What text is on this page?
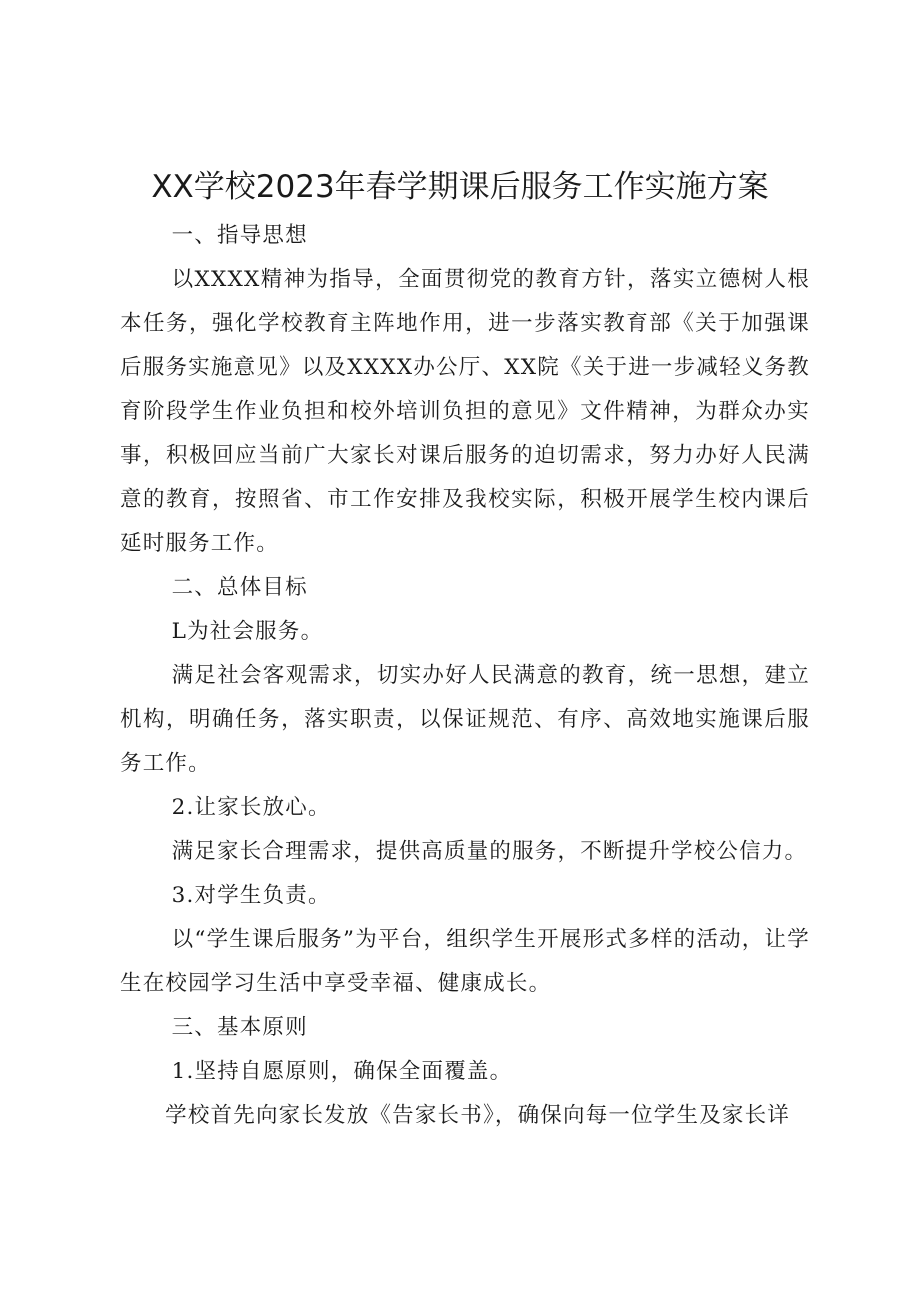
XX学校2023年春学期课后服务工作实施方案

一、指导思想

以XXXX精神为指导，全面贯彻党的教育方针，落实立德树人根本任务，强化学校教育主阵地作用，进一步落实教育部《关于加强课后服务实施意见》以及XXXX办公厅、XX院《关于进一步减轻义务教育阶段学生作业负担和校外培训负担的意见》文件精神，为群众办实事，积极回应当前广大家长对课后服务的迫切需求，努力办好人民满意的教育，按照省、市工作安排及我校实际，积极开展学生校内课后延时服务工作。

二、总体目标

L为社会服务。

满足社会客观需求，切实办好人民满意的教育，统一思想，建立机构，明确任务，落实职责，以保证规范、有序、高效地实施课后服务工作。

2.让家长放心。

满足家长合理需求，提供高质量的服务，不断提升学校公信力。

3.对学生负责。

以“学生课后服务”为平台，组织学生开展形式多样的活动，让学生在校园学习生活中享受幸福、健康成长。

三、基本原则

1.坚持自愿原则，确保全面覆盖。

学校首先向家长发放《告家长书》，确保向每一位学生及家长详
